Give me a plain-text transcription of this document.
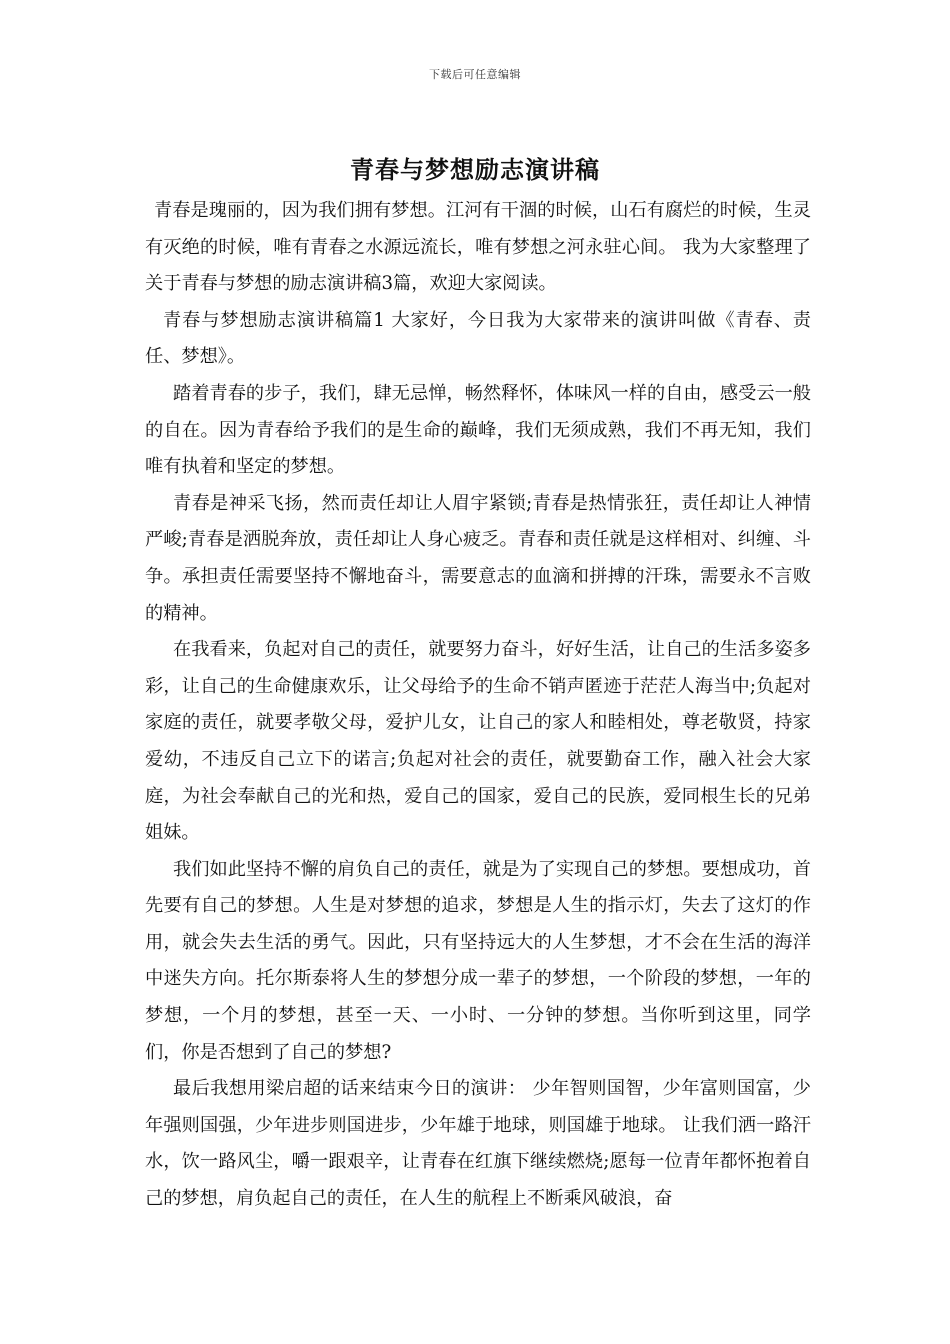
下载后可任意编辑
青春与梦想励志演讲稿

青春是瑰丽的，因为我们拥有梦想。江河有干涸的时候，山石有腐烂的时候，生灵有灭绝的时候，唯有青春之水源远流长，唯有梦想之河永驻心间。 我为大家整理了关于青春与梦想的励志演讲稿3篇，欢迎大家阅读。

青春与梦想励志演讲稿篇1 大家好，今日我为大家带来的演讲叫做《青春、责任、梦想》。

踏着青春的步子，我们，肆无忌惮，畅然释怀，体味风一样的自由，感受云一般的自在。因为青春给予我们的是生命的巅峰，我们无须成熟，我们不再无知，我们唯有执着和坚定的梦想。

青春是神采飞扬，然而责任却让人眉宇紧锁;青春是热情张狂，责任却让人神情严峻;青春是洒脱奔放，责任却让人身心疲乏。青春和责任就是这样相对、纠缠、斗争。承担责任需要坚持不懈地奋斗，需要意志的血滴和拼搏的汗珠，需要永不言败的精神。

在我看来，负起对自己的责任，就要努力奋斗，好好生活，让自己的生活多姿多彩，让自己的生命健康欢乐，让父母给予的生命不销声匿迹于茫茫人海当中;负起对家庭的责任，就要孝敬父母，爱护儿女，让自己的家人和睦相处，尊老敬贤，持家爱幼，不违反自己立下的诺言;负起对社会的责任，就要勤奋工作，融入社会大家庭，为社会奉献自己的光和热，爱自己的国家，爱自己的民族，爱同根生长的兄弟姐妹。

我们如此坚持不懈的肩负自己的责任，就是为了实现自己的梦想。要想成功，首先要有自己的梦想。人生是对梦想的追求，梦想是人生的指示灯，失去了这灯的作用，就会失去生活的勇气。因此，只有坚持远大的人生梦想，才不会在生活的海洋中迷失方向。托尔斯泰将人生的梦想分成一辈子的梦想，一个阶段的梦想，一年的梦想，一个月的梦想，甚至一天、一小时、一分钟的梦想。当你听到这里，同学们，你是否想到了自己的梦想?

最后我想用梁启超的话来结束今日的演讲： 少年智则国智，少年富则国富，少年强则国强，少年进步则国进步，少年雄于地球，则国雄于地球。 让我们洒一路汗水，饮一路风尘，嚼一跟艰辛，让青春在红旗下继续燃烧;愿每一位青年都怀抱着自己的梦想，肩负起自己的责任，在人生的航程上不断乘风破浪，奋
